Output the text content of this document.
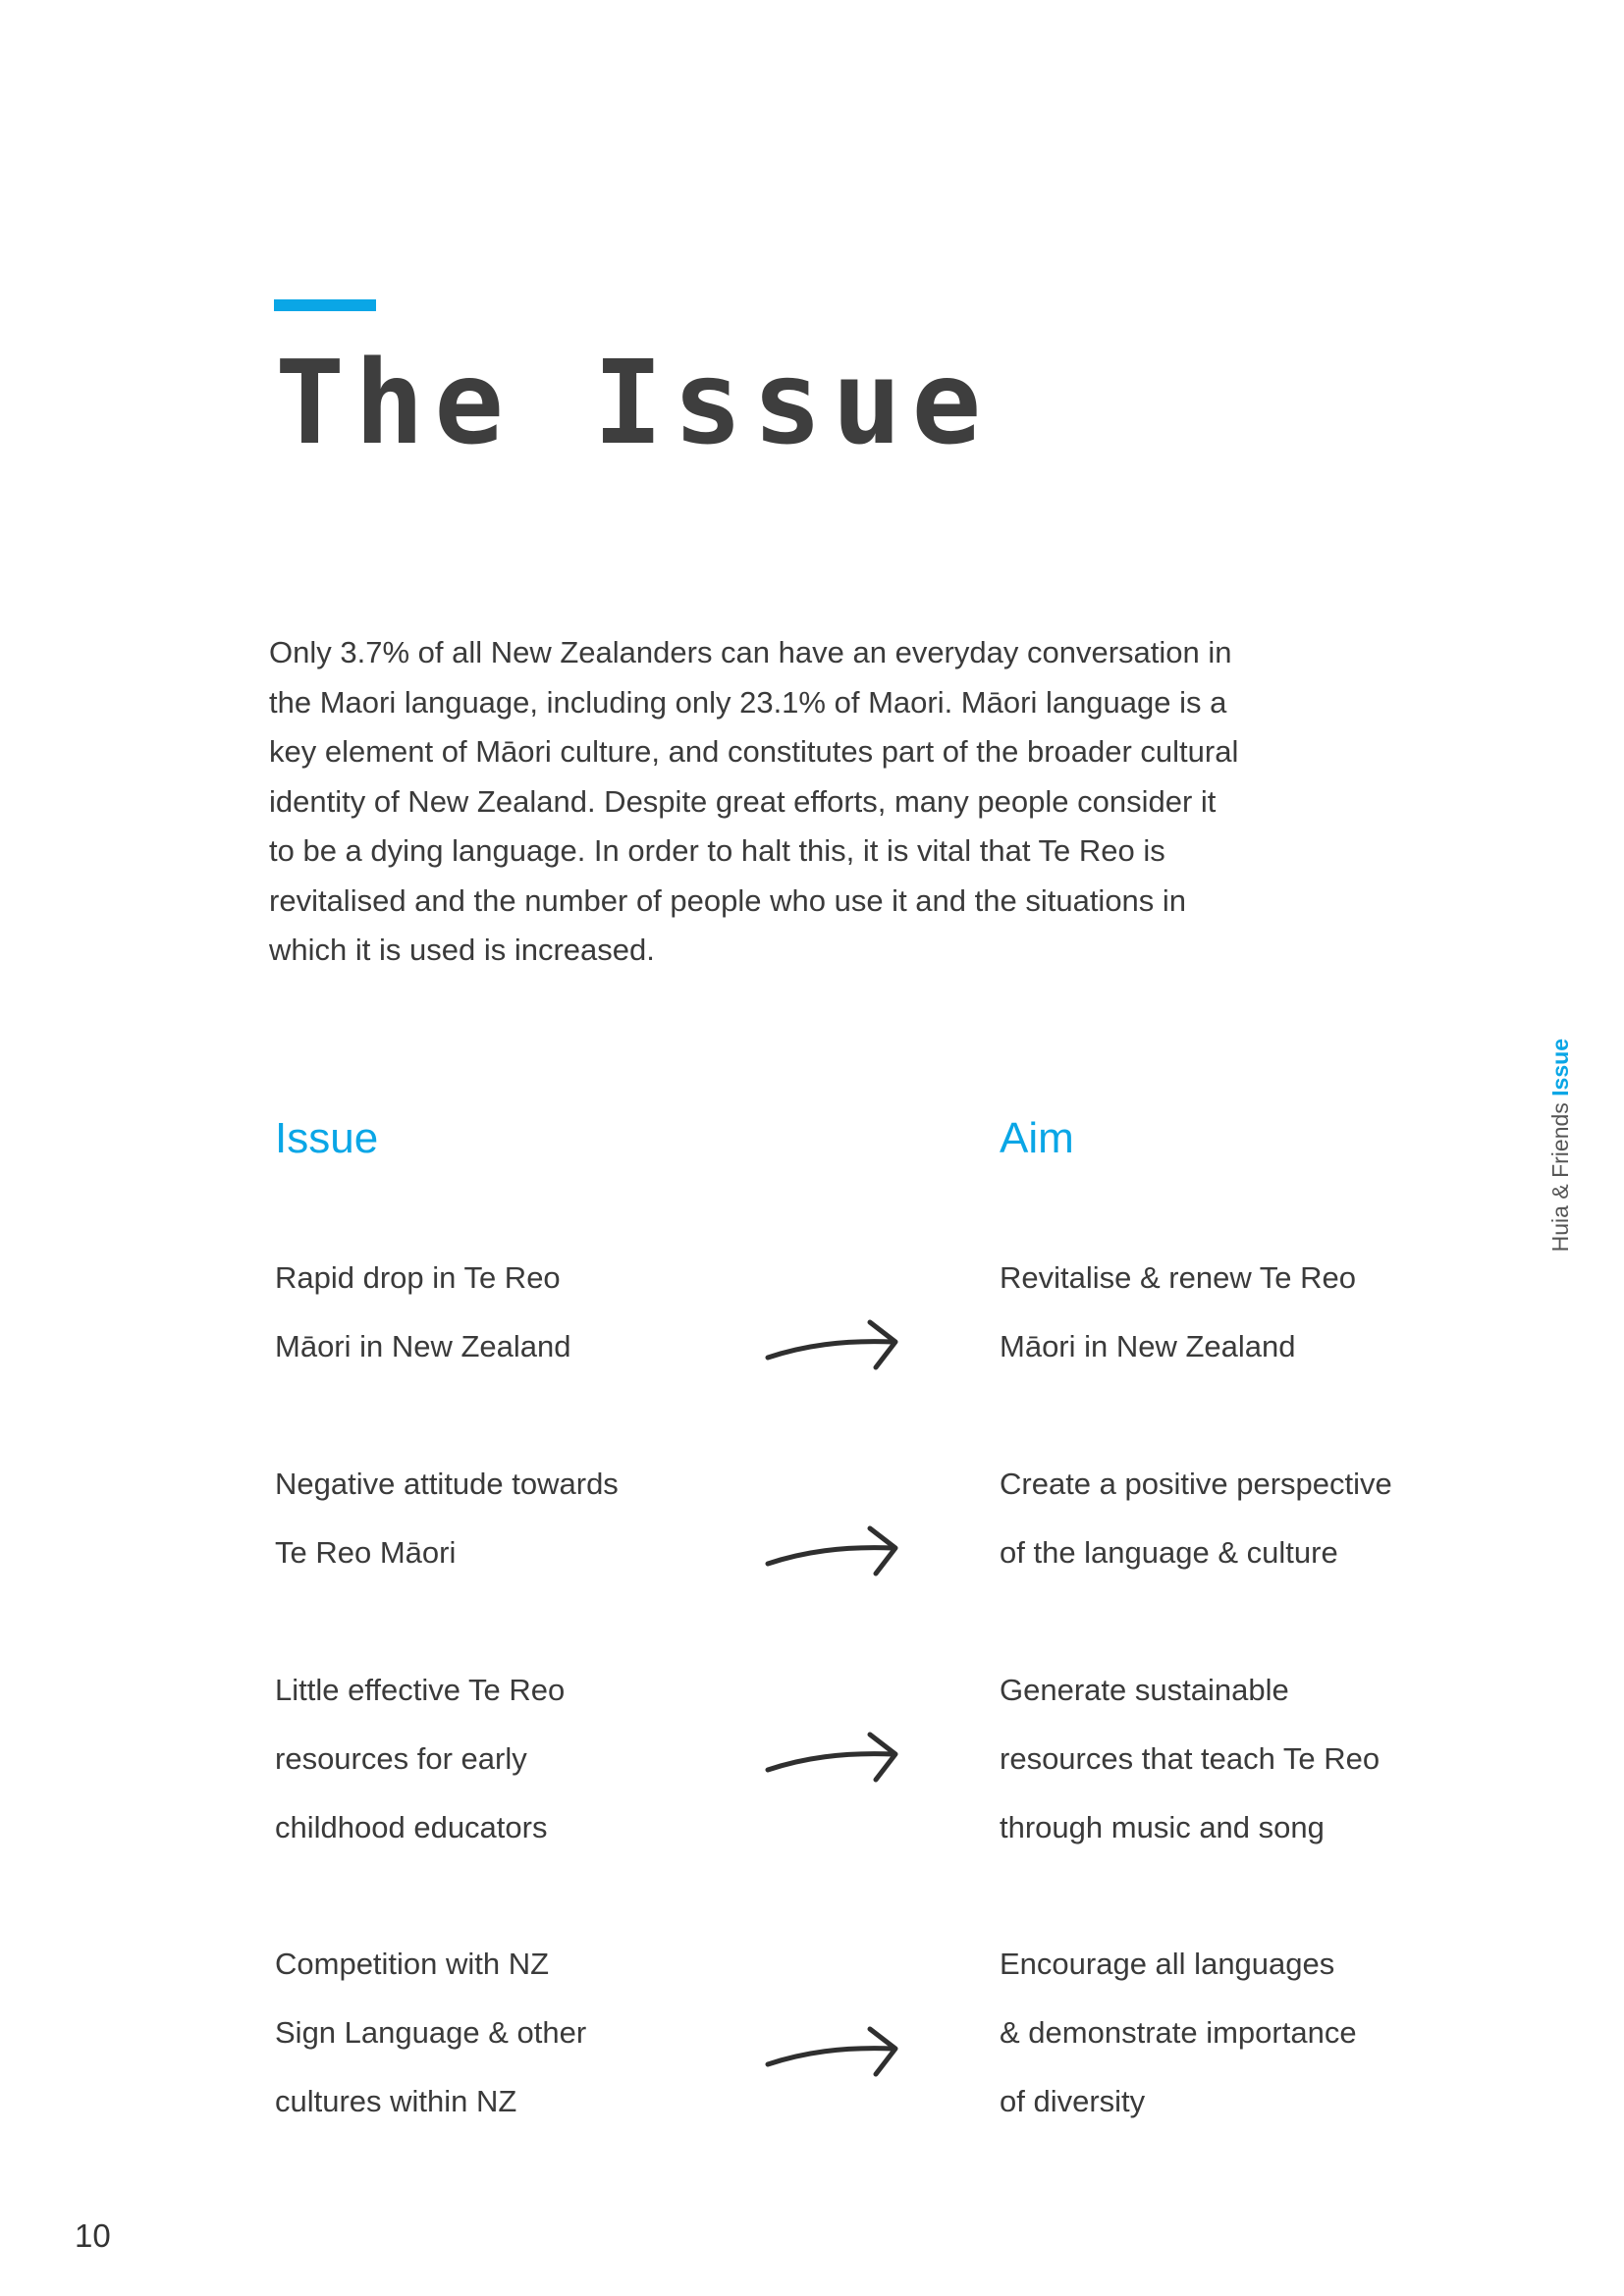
The Issue

Only 3.7% of all New Zealanders can have an everyday conversation in the Maori language, including only 23.1% of Maori. Māori language is a key element of Māori culture, and constitutes part of the broader cultural identity of New Zealand. Despite great efforts, many people consider it to be a dying language. In order to halt this, it is vital that Te Reo is revitalised and the number of people who use it and the situations in which it is used is increased.

Huia & Friends Issue
Issue	Aim
Rapid drop in Te Reo
Māori in New Zealand
Revitalise & renew Te Reo
Māori in New Zealand
Negative attitude towards
Te Reo Māori
Create a positive perspective
of the language & culture
Little effective Te Reo
resources for early
childhood educators
Generate sustainable
resources that teach Te Reo
through music and song
Competition with NZ
Sign Language & other
cultures within NZ
Encourage all languages
& demonstrate importance
of diversity
10
